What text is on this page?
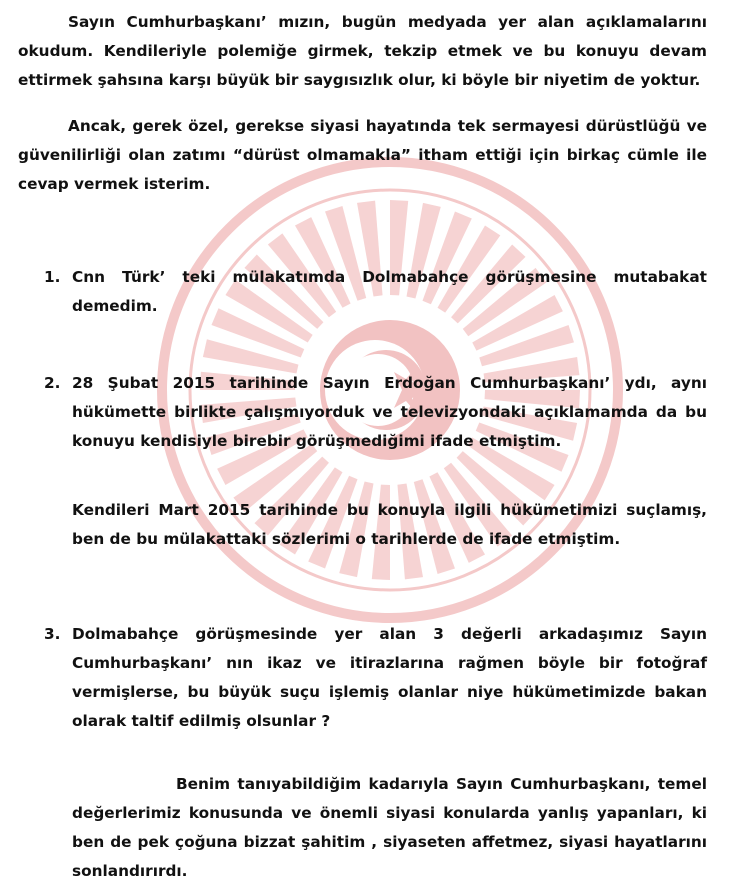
Sayın Cumhurbaşkanı’ mızın, bugün medyada yer alan açıklamalarını okudum. Kendileriyle polemiğe girmek, tekzip etmek ve bu konuyu devam ettirmek şahsına karşı büyük bir saygısızlık olur, ki böyle bir niyetim de yoktur.

Ancak, gerek özel, gerekse siyasi hayatında tek sermayesi dürüstlüğü ve güvenilirliği olan zatımı “dürüst olmamakla” itham ettiği için birkaç cümle ile cevap vermek isterim.

1. Cnn Türk’ teki mülakatımda Dolmabahçe görüşmesine mutabakat demedim.
2. 28 Şubat 2015 tarihinde Sayın Erdoğan Cumhurbaşkanı’ ydı, aynı hükümette birlikte çalışmıyorduk ve televizyondaki açıklamamda da bu konuyu kendisiyle birebir görüşmediğimi ifade etmiştim.
Kendileri Mart 2015 tarihinde bu konuyla ilgili hükümetimizi suçlamış, ben de bu mülakattaki sözlerimi o tarihlerde de ifade etmiştim.
3. Dolmabahçe görüşmesinde yer alan 3 değerli arkadaşımız Sayın Cumhurbaşkanı’ nın ikaz ve itirazlarına rağmen böyle bir fotoğraf vermişlerse, bu büyük suçu işlemiş olanlar niye hükümetimizde bakan olarak taltif edilmiş olsunlar ?

Benim tanıyabildiğim kadarıyla Sayın Cumhurbaşkanı, temel değerlerimiz konusunda ve önemli siyasi konularda yanlış yapanları, ki ben de pek çoğuna bizzat şahitim , siyaseten affetmez, siyasi hayatlarını sonlandırırdı.
